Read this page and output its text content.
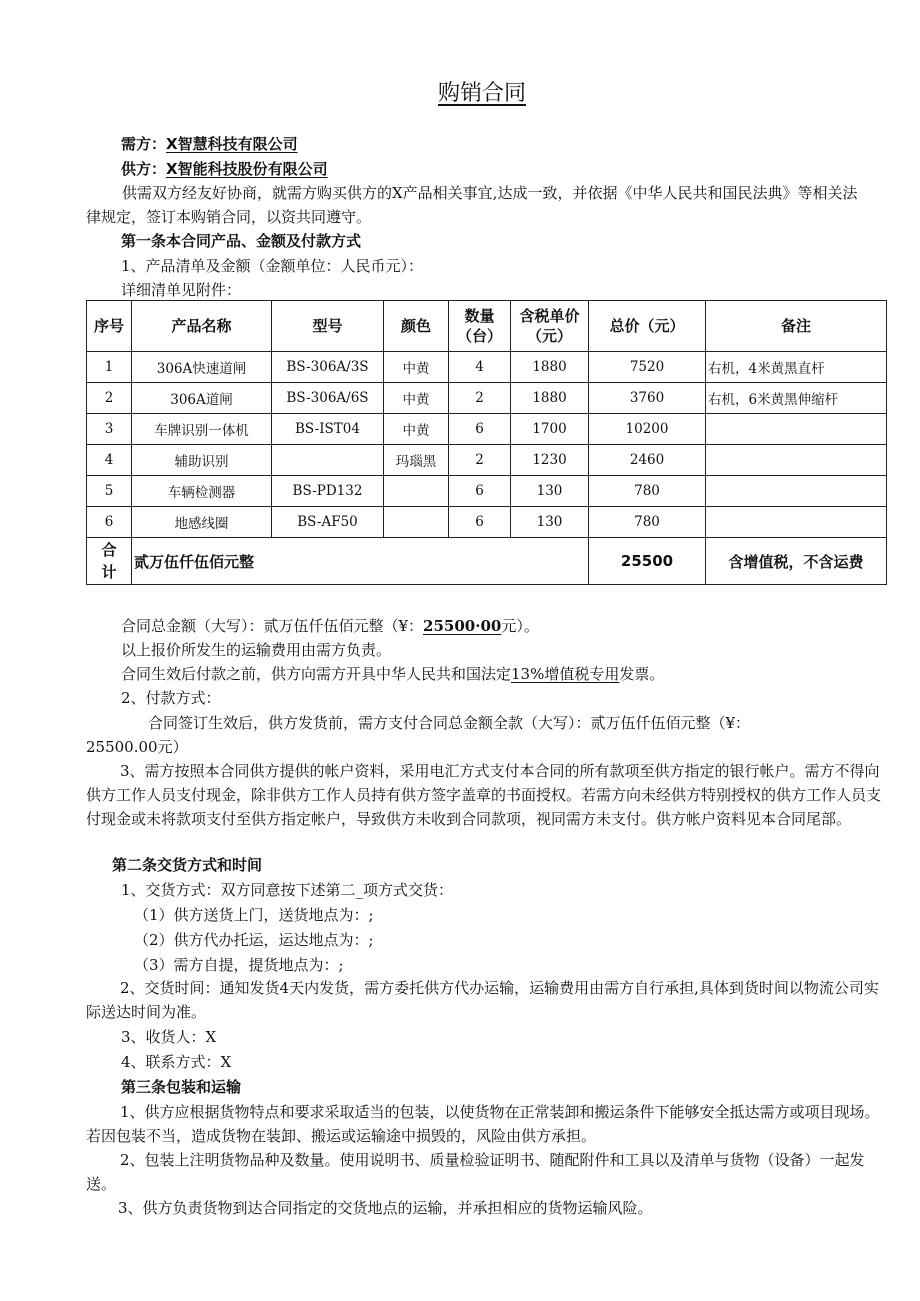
购销合同
需方：X智慧科技有限公司
供方：X智能科技股份有限公司
供需双方经友好协商，就需方购买供方的X产品相关事宜,达成一致，并依据《中华人民共和国民法典》等相关法律规定，签订本购销合同，以资共同遵守。
第一条本合同产品、金额及付款方式
1、产品清单及金额（金额单位：人民币元）：
详细清单见附件：
序号	产品名称	型号	颜色	数量（台）	含税单价（元）	总价（元）	备注
1	306A快速道闸	BS-306A/3S	中黄	4	1880	7520	右机，4米黄黑直杆
2	306A道闸	BS-306A/6S	中黄	2	1880	3760	右机，6米黄黑伸缩杆
3	车牌识别一体机	BS-IST04	中黄	6	1700	10200	
4	辅助识别		玛瑙黑	2	1230	2460	
5	车辆检测器	BS-PD132		6	130	780	
6	地感线圈	BS-AF50		6	130	780	
合计	贰万伍仟伍佰元整					25500	含增值税，不含运费
合同总金额（大写）：贰万伍仟伍佰元整（¥：25500·00元）。
以上报价所发生的运输费用由需方负责。
合同生效后付款之前，供方向需方开具中华人民共和国法定13%增值税专用发票。
2、付款方式：
合同签订生效后，供方发货前，需方支付合同总金额全款（大写）：贰万伍仟伍佰元整（¥：
25500.00元）
3、需方按照本合同供方提供的帐户资料，采用电汇方式支付本合同的所有款项至供方指定的银行帐户。需方不得向供方工作人员支付现金，除非供方工作人员持有供方签字盖章的书面授权。若需方向未经供方特别授权的供方工作人员支付现金或未将款项支付至供方指定帐户，导致供方未收到合同款项，视同需方未支付。供方帐户资料见本合同尾部。
第二条交货方式和时间
1、交货方式：双方同意按下述第二_项方式交货：
（1）供方送货上门，送货地点为：;
（2）供方代办托运，运达地点为：;
（3）需方自提，提货地点为：;
2、交货时间：通知发货4天内发货，需方委托供方代办运输，运输费用由需方自行承担,具体到货时间以物流公司实际送达时间为准。
3、收货人：X
4、联系方式：X
第三条包装和运输
1、供方应根据货物特点和要求采取适当的包装，以使货物在正常装卸和搬运条件下能够安全抵达需方或项目现场。若因包装不当，造成货物在装卸、搬运或运输途中损毁的，风险由供方承担。
2、包装上注明货物品种及数量。使用说明书、质量检验证明书、随配附件和工具以及清单与货物（设备）一起发送。
3、供方负责货物到达合同指定的交货地点的运输，并承担相应的货物运输风险。
